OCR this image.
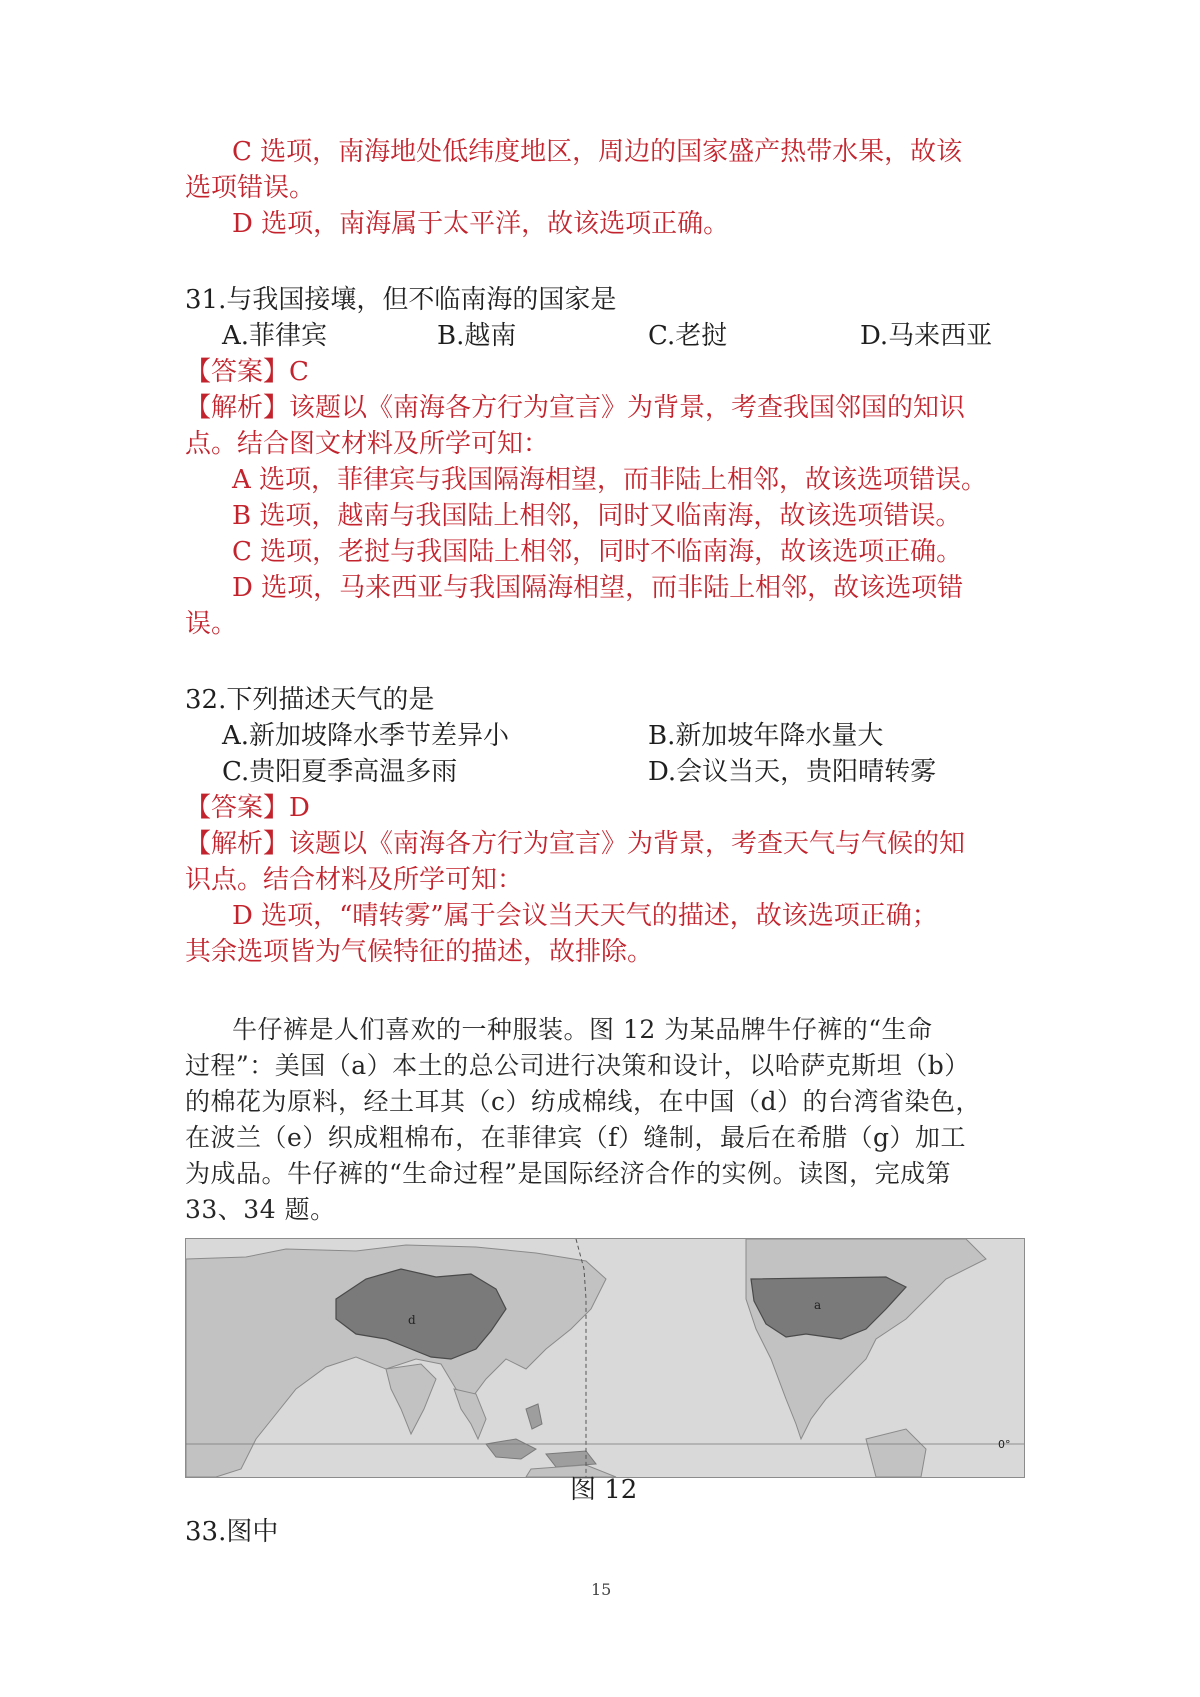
C 选项，南海地处低纬度地区，周边的国家盛产热带水果，故该
选项错误。
D 选项，南海属于太平洋，故该选项正确。
31.与我国接壤，但不临南海的国家是
A.菲律宾	B.越南	C.老挝	D.马来西亚
【答案】C
【解析】该题以《南海各方行为宣言》为背景，考查我国邻国的知识
点。结合图文材料及所学可知：
A 选项，菲律宾与我国隔海相望，而非陆上相邻，故该选项错误。
B 选项，越南与我国陆上相邻，同时又临南海，故该选项错误。
C 选项，老挝与我国陆上相邻，同时不临南海，故该选项正确。
D 选项，马来西亚与我国隔海相望，而非陆上相邻，故该选项错
误。
32.下列描述天气的是
A.新加坡降水季节差异小	B.新加坡年降水量大
C.贵阳夏季高温多雨	D.会议当天，贵阳晴转雾
【答案】D
【解析】该题以《南海各方行为宣言》为背景，考查天气与气候的知
识点。结合材料及所学可知：
D 选项，“晴转雾”属于会议当天天气的描述，故该选项正确；
其余选项皆为气候特征的描述，故排除。
牛仔裤是人们喜欢的一种服装。图 12 为某品牌牛仔裤的“生命
过程”：美国（a）本土的总公司进行决策和设计，以哈萨克斯坦（b）
的棉花为原料，经土耳其（c）纺成棉线，在中国（d）的台湾省染色，
在波兰（e）织成粗棉布，在菲律宾（f）缝制，最后在希腊（g）加工
为成品。牛仔裤的“生命过程”是国际经济合作的实例。读图，完成第
33、34 题。
d
a
0°
图 12
33.图中
15
